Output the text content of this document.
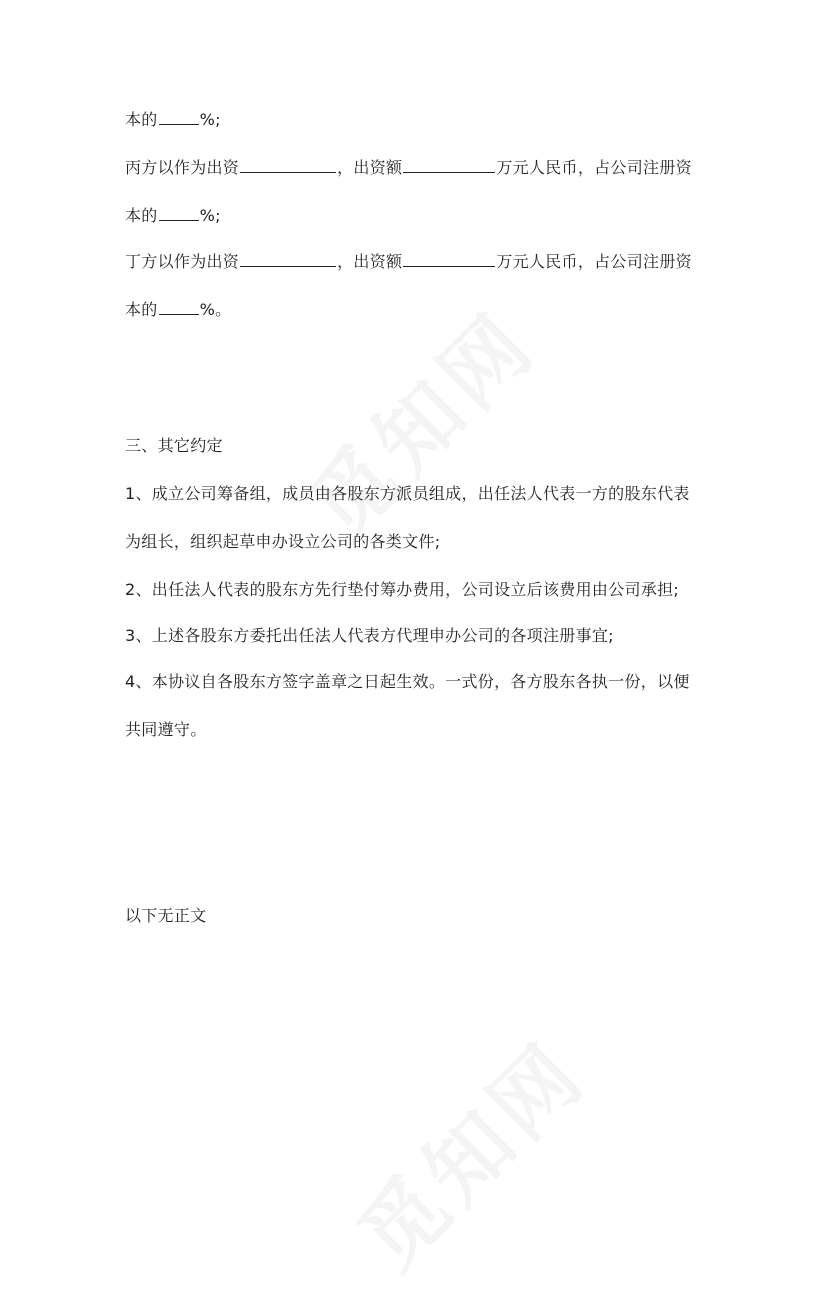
本的	%;
丙方以作为出资	，出资额	万元人民币，占公司注册资
本的	%;
丁方以作为出资	，出资额	万元人民币，占公司注册资
本的	%。
三、其它约定
1、成立公司筹备组，成员由各股东方派员组成，出任法人代表一方的股东代表
为组长，组织起草申办设立公司的各类文件;
2、出任法人代表的股东方先行垫付筹办费用，公司设立后该费用由公司承担;
3、上述各股东方委托出任法人代表方代理申办公司的各项注册事宜;
4、本协议自各股东方签字盖章之日起生效。一式份，各方股东各执一份，以便
共同遵守。
以下无正文
